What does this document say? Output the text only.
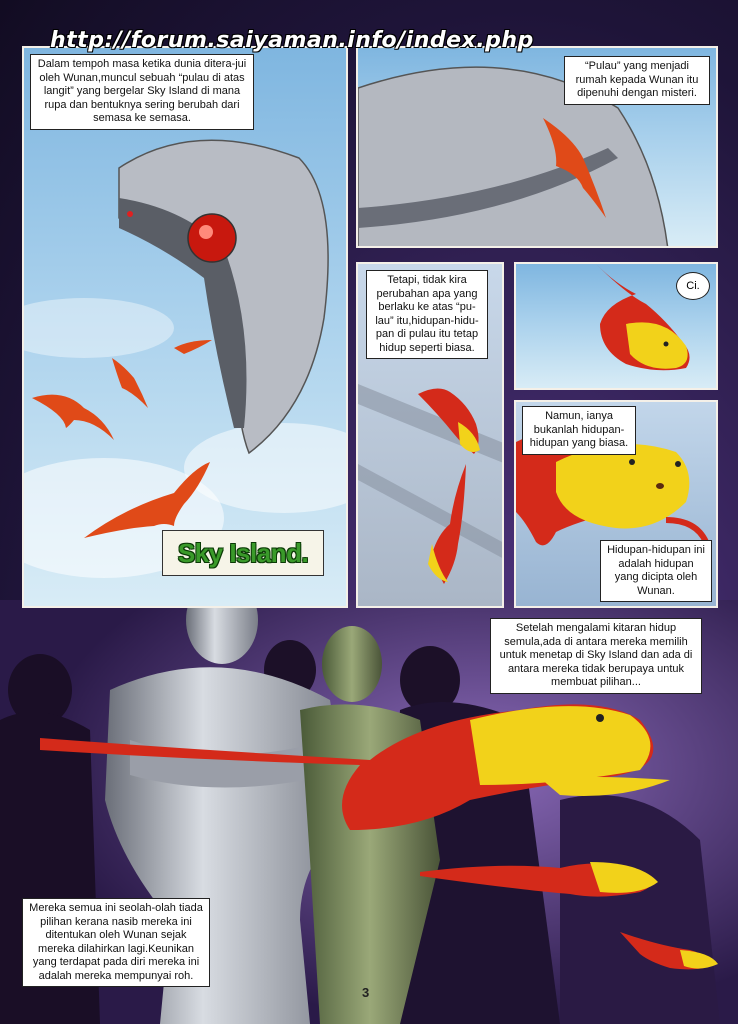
Dalam tempoh masa ketika dunia ditera-jui oleh Wunan,muncul sebuah “pulau di atas langit” yang bergelar Sky Island di mana rupa dan bentuknya sering berubah dari semasa ke semasa.
Sky Island.
“Pulau” yang menjadi rumah kepada Wunan itu dipenuhi dengan misteri.
Tetapi, tidak kira perubahan apa yang berlaku ke atas “pu-lau” itu,hidupan-hidu-pan di pulau itu tetap hidup seperti biasa.
Ci.
Namun, ianya bukanlah hidupan-hidupan yang biasa.
Hidupan-hidupan ini adalah hidupan yang dicipta oleh Wunan.
http://forum.saiyaman.info/index.php
Setelah mengalami kitaran hidup semula,ada di antara mereka memilih untuk menetap di Sky Island dan ada di antara mereka tidak berupaya untuk membuat pilihan...
Mereka semua ini seolah-olah tiada pilihan kerana nasib mereka ini ditentukan oleh Wunan sejak mereka dilahirkan lagi.Keunikan yang terdapat pada diri mereka ini adalah mereka mempunyai roh.
3
